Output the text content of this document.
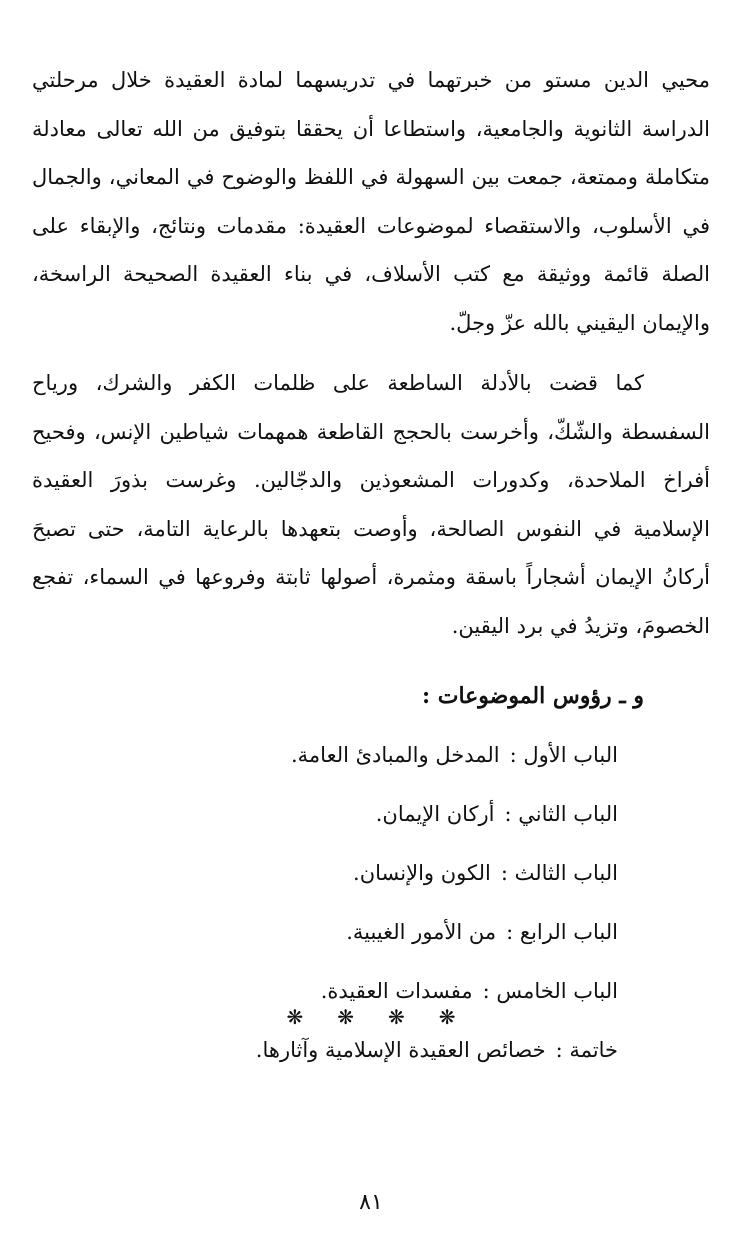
محيي الدين مستو من خبرتهما في تدريسهما لمادة العقيدة خلال مرحلتي الدراسة الثانوية والجامعية، واستطاعا أن يحققا بتوفيق من الله تعالى معادلة متكاملة وممتعة، جمعت بين السهولة في اللفظ والوضوح في المعاني، والجمال في الأسلوب، والاستقصاء لموضوعات العقيدة: مقدمات ونتائج، والإبقاء على الصلة قائمة ووثيقة مع كتب الأسلاف، في بناء العقيدة الصحيحة الراسخة، والإيمان اليقيني بالله عزّ وجلّ.

كما قضت بالأدلة الساطعة على ظلمات الكفر والشرك، ورياح السفسطة والشّكّ، وأخرست بالحجج القاطعة همهمات شياطين الإنس، وفحيح أفراخ الملاحدة، وكدورات المشعوذين والدجّالين. وغرست بذورَ العقيدة الإسلامية في النفوس الصالحة، وأوصت بتعهدها بالرعاية التامة، حتى تصبحَ أركانُ الإيمان أشجاراً باسقة ومثمرة، أصولها ثابتة وفروعها في السماء، تفجع الخصومَ، وتزيدُ في برد اليقين.

و ـ رؤوس الموضوعات :
الباب الأول :المدخل والمبادئ العامة.
الباب الثاني :أركان الإيمان.
الباب الثالث :الكون والإنسان.
الباب الرابع :من الأمور الغيبية.
الباب الخامس :مفسدات العقيدة.
خاتمة :خصائص العقيدة الإسلامية وآثارها.
❋ ❋ ❋ ❋
٨١
